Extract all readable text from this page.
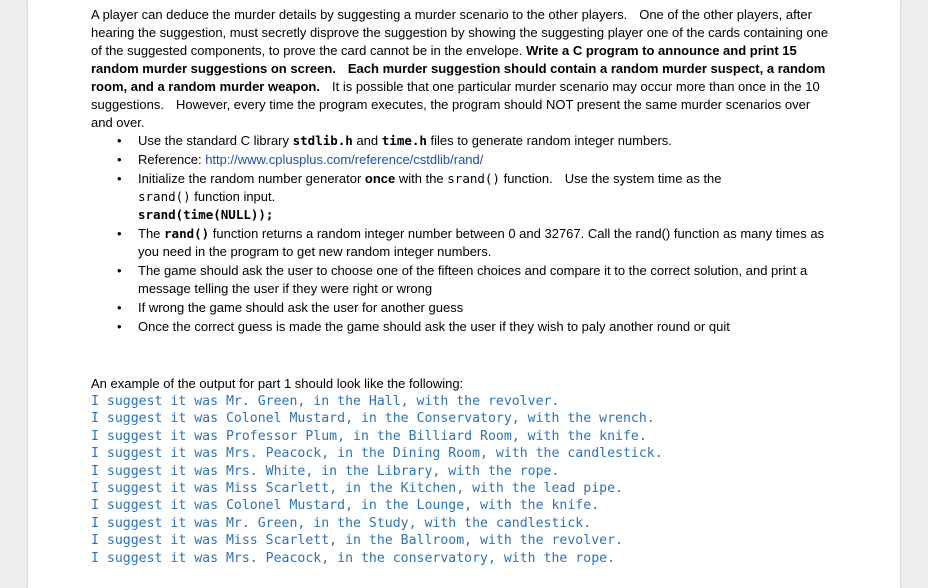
A player can deduce the murder details by suggesting a murder scenario to the other players. One of the other players, after hearing the suggestion, must secretly disprove the suggestion by showing the suggesting player one of the cards containing one of the suggested components, to prove the card cannot be in the envelope. Write a C program to announce and print 15 random murder suggestions on screen. Each murder suggestion should contain a random murder suspect, a random room, and a random murder weapon. It is possible that one particular murder scenario may occur more than once in the 10 suggestions. However, every time the program executes, the program should NOT present the same murder scenarios over and over.

• Use the standard C library stdlib.h and time.h files to generate random integer numbers.
• Reference: http://www.cplusplus.com/reference/cstdlib/rand/
• Initialize the random number generator once with the srand() function. Use the system time as the
srand() function input.
srand(time(NULL));
• The rand() function returns a random integer number between 0 and 32767. Call the rand() function as many times as you need in the program to get new random integer numbers.
• The game should ask the user to choose one of the fifteen choices and compare it to the correct solution, and print a message telling the user if they were right or wrong
• If wrong the game should ask the user for another guess
• Once the correct guess is made the game should ask the user if they wish to paly another round or quit

An example of the output for part 1 should look like the following:

I suggest it was Mr. Green, in the Hall, with the revolver.
I suggest it was Colonel Mustard, in the Conservatory, with the wrench.
I suggest it was Professor Plum, in the Billiard Room, with the knife.
I suggest it was Mrs. Peacock, in the Dining Room, with the candlestick.
I suggest it was Mrs. White, in the Library, with the rope.
I suggest it was Miss Scarlett, in the Kitchen, with the lead pipe.
I suggest it was Colonel Mustard, in the Lounge, with the knife.
I suggest it was Mr. Green, in the Study, with the candlestick.
I suggest it was Miss Scarlett, in the Ballroom, with the revolver.
I suggest it was Mrs. Peacock, in the conservatory, with the rope.
